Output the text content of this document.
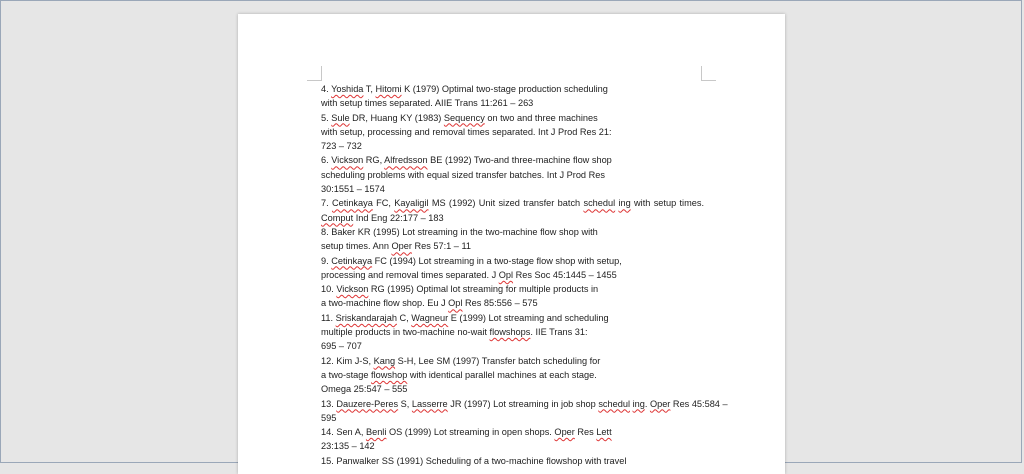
4. Yoshida T, Hitomi K (1979) Optimal two-stage production scheduling
with setup times separated. AIIE Trans 11:261 – 263
5. Sule DR, Huang KY (1983) Sequency on two and three machines
with setup, processing and removal times separated. Int J Prod Res 21:
723 – 732
6. Vickson RG, Alfredsson BE (1992) Two-and three-machine flow shop
scheduling problems with equal sized transfer batches. Int J Prod Res
30:1551 – 1574
7. Cetinkaya FC, Kayaligil MS (1992) Unit sized transfer batch schedul ing with setup times.
Comput Ind Eng 22:177 – 183
8. Baker KR (1995) Lot streaming in the two-machine flow shop with
setup times. Ann Oper Res 57:1 – 11
9. Cetinkaya FC (1994) Lot streaming in a two-stage flow shop with setup,
processing and removal times separated. J Opl Res Soc 45:1445 – 1455
10. Vickson RG (1995) Optimal lot streaming for multiple products in
a two-machine flow shop. Eu J Opl Res 85:556 – 575
11. Sriskandarajah C, Wagneur E (1999) Lot streaming and scheduling
multiple products in two-machine no-wait flowshops. IIE Trans 31:
695 – 707
12. Kim J-S, Kang S-H, Lee SM (1997) Transfer batch scheduling for
a two-stage flowshop with identical parallel machines at each stage.
Omega 25:547 – 555
13. Dauzere-Peres S, Lasserre JR (1997) Lot streaming in job shop schedul ing. Oper Res 45:584 –
595
14. Sen A, Benli OS (1999) Lot streaming in open shops. Oper Res Lett
23:135 – 142
15. Panwalker SS (1991) Scheduling of a two-machine flowshop with travel
